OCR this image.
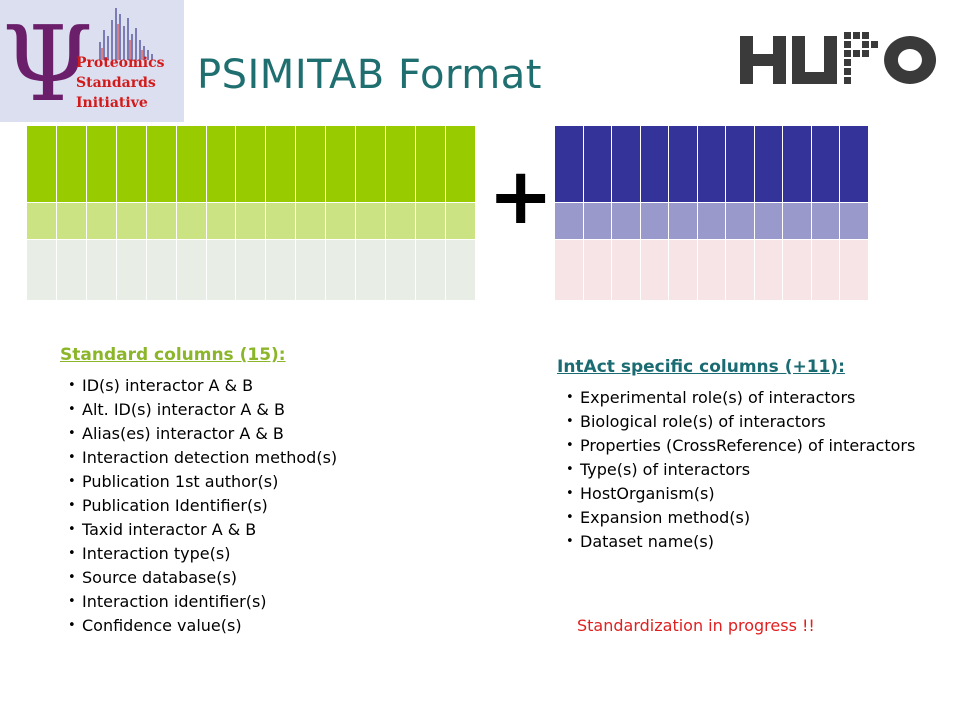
Ψ
Proteomics
Standards
Initiative
PSIMITAB Format
HUPO

+

Standard columns (15):
• ID(s) interactor A & B
• Alt. ID(s) interactor A & B
• Alias(es) interactor A & B
• Interaction detection method(s)
• Publication 1st author(s)
• Publication Identifier(s)
• Taxid interactor A & B
• Interaction type(s)
• Source database(s)
• Interaction identifier(s)
• Confidence value(s)
IntAct specific columns (+11):
• Experimental role(s) of interactors
• Biological role(s) of interactors
• Properties (CrossReference) of interactors
• Type(s) of interactors
• HostOrganism(s)
• Expansion method(s)
• Dataset name(s)
Standardization in progress !!
